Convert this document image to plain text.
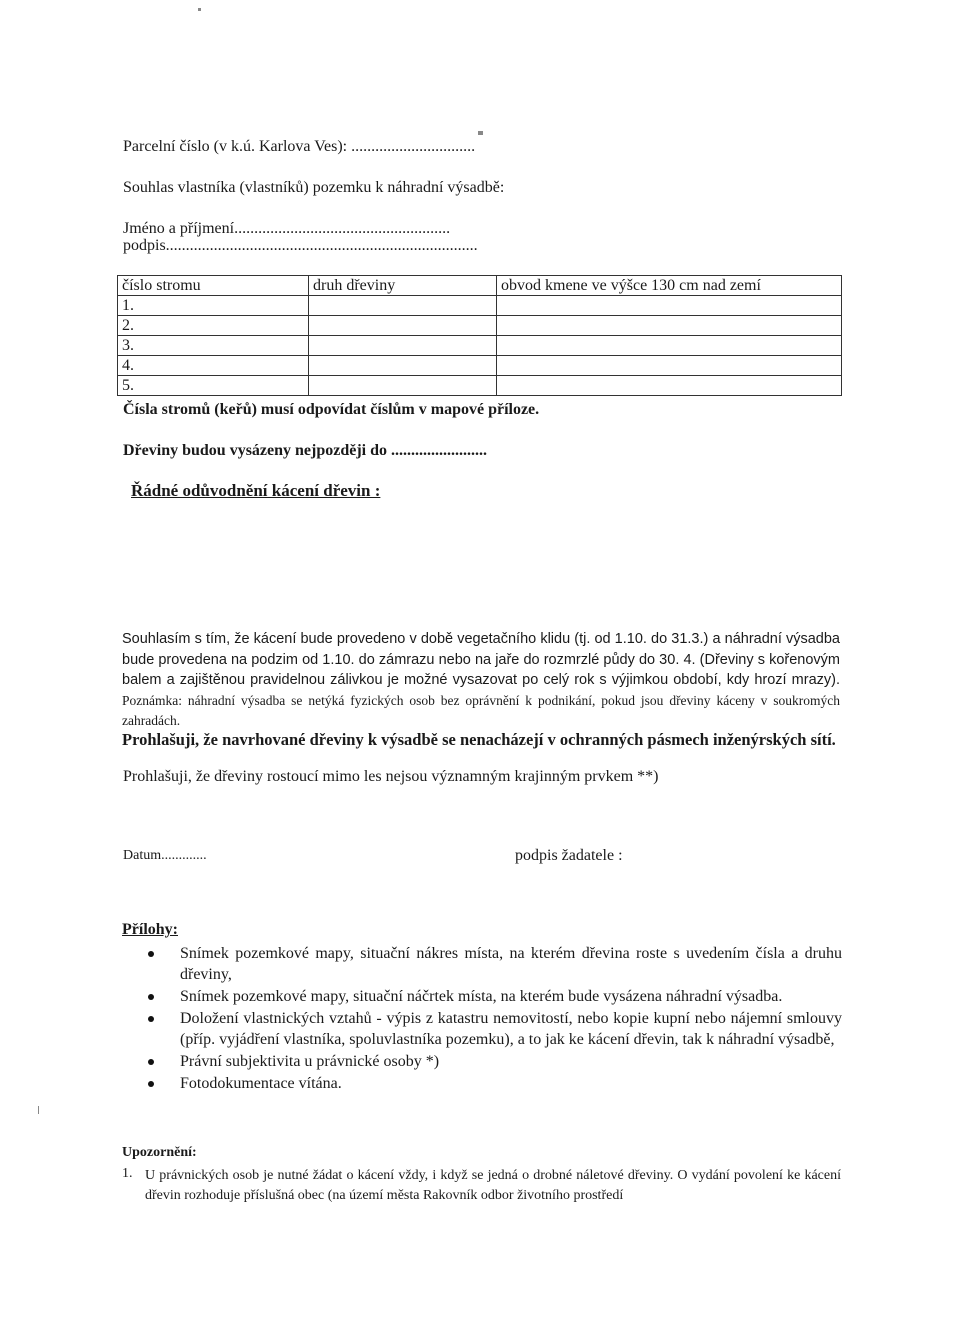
Parcelní číslo (v k.ú. Karlova Ves): ...............................
Souhlas vlastníka (vlastníků) pozemku k náhradní výsadbě:
Jméno a příjmení......................................................
podpis..............................................................................
číslo stromu	druh dřeviny	obvod kmene ve výšce 130 cm nad zemí
1.		
2.		
3.		
4.		
5.		
Čísla stromů (keřů) musí odpovídat číslům v mapové příloze.
Dřeviny budou vysázeny nejpozději do ........................
Řádné odůvodnění kácení dřevin :
Souhlasím s tím, že kácení bude provedeno v době vegetačního klidu (tj. od 1.10. do 31.3.) a náhradní výsadba bude provedena na podzim od 1.10. do zámrazu nebo na jaře do rozmrzlé půdy do 30. 4. (Dřeviny s kořenovým balem a zajištěnou pravidelnou zálivkou je možné vysazovat po celý rok s výjimkou období, kdy hrozí mrazy). Poznámka: náhradní výsadba se netýká fyzických osob bez oprávnění k podnikání, pokud jsou dřeviny káceny v soukromých zahradách.
Prohlašuji, že navrhované dřeviny k výsadbě se nenacházejí v ochranných pásmech inženýrských sítí.
Prohlašuji, že dřeviny rostoucí mimo les nejsou významným krajinným prvkem **)
Datum.............	podpis žadatele :
Přílohy:
Snímek pozemkové mapy, situační nákres místa, na kterém dřevina roste s uvedením čísla a druhu dřeviny,
Snímek pozemkové mapy, situační náčrtek místa, na kterém bude vysázena náhradní výsadba.
Doložení vlastnických vztahů - výpis z katastru nemovitostí, nebo kopie kupní nebo nájemní smlouvy (příp. vyjádření vlastníka, spoluvlastníka pozemku), a to jak ke kácení dřevin, tak k náhradní výsadbě,
Právní subjektivita u právnické osoby *)
Fotodokumentace vítána.
Upozornění:
1. U právnických osob je nutné žádat o kácení vždy, i když se jedná o drobné náletové dřeviny. O vydání povolení ke kácení dřevin rozhoduje příslušná obec (na území města Rakovník odbor životního prostředí
